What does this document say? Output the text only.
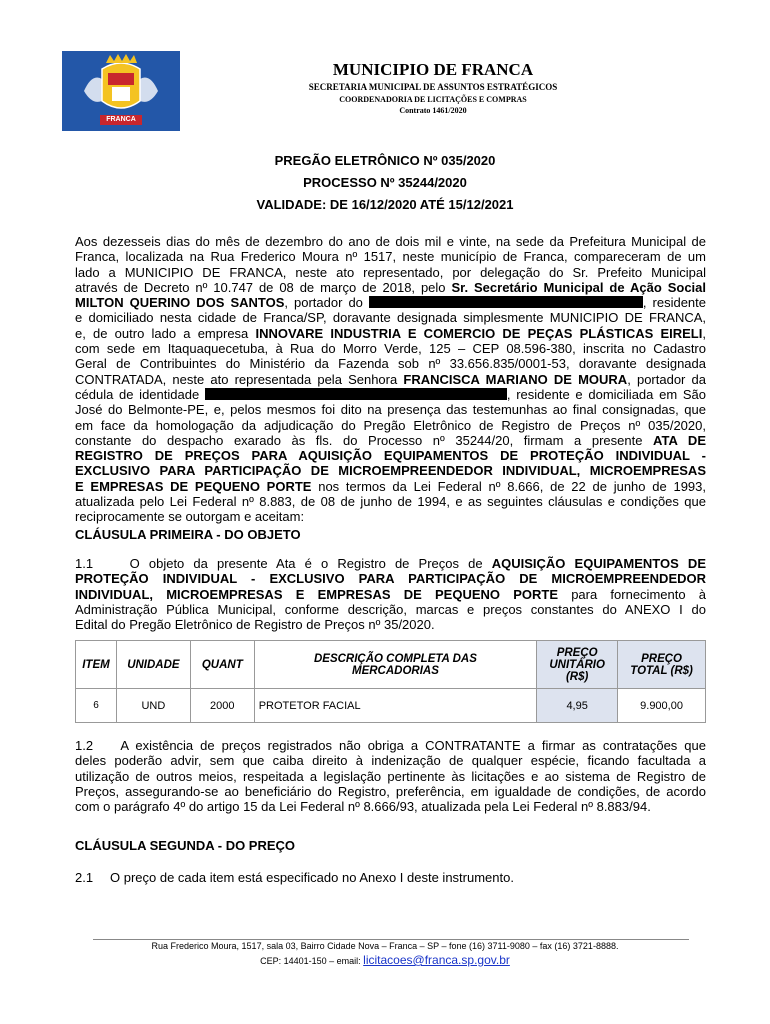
FRANCA
MUNICIPIO DE FRANCA
SECRETARIA MUNICIPAL DE ASSUNTOS ESTRATÉGICOS
COORDENADORIA DE LICITAÇÕES E COMPRAS
Contrato 1461/2020
PREGÃO ELETRÔNICO Nº 035/2020
PROCESSO Nº 35244/2020
VALIDADE: DE 16/12/2020 ATÉ 15/12/2021
Aos dezesseis dias do mês de dezembro do ano de dois mil e vinte, na sede da Prefeitura Municipal de
Franca, localizada na Rua Frederico Moura nº 1517, neste município de Franca, compareceram de um
lado a MUNICIPIO DE FRANCA, neste ato representado, por delegação do Sr. Prefeito Municipal
através de Decreto nº 10.747 de 08 de março de 2018, pelo Sr. Secretário Municipal de Ação Social
MILTON QUERINO DOS SANTOS, portador do	, residente
e domiciliado nesta cidade de Franca/SP, doravante designada simplesmente MUNICIPIO DE FRANCA,
e, de outro lado a empresa INNOVARE INDUSTRIA E COMERCIO DE PEÇAS PLÁSTICAS EIRELI,
com sede em Itaquaquecetuba, à Rua do Morro Verde, 125 – CEP 08.596-380, inscrita no Cadastro
Geral de Contribuintes do Ministério da Fazenda sob nº 33.656.835/0001-53, doravante designada
CONTRATADA, neste ato representada pela Senhora FRANCISCA MARIANO DE MOURA, portador da
cédula de identidade	, residente e domiciliada em São
José do Belmonte-PE, e, pelos mesmos foi dito na presença das testemunhas ao final consignadas, que
em face da homologação da adjudicação do Pregão Eletrônico de Registro de Preços nº 035/2020,
constante do despacho exarado às fls. do Processo nº 35244/20, firmam a presente ATA DE
REGISTRO DE PREÇOS PARA AQUISIÇÃO EQUIPAMENTOS DE PROTEÇÃO INDIVIDUAL -
EXCLUSIVO PARA PARTICIPAÇÃO DE MICROEMPREENDEDOR INDIVIDUAL, MICROEMPRESAS
E EMPRESAS DE PEQUENO PORTE nos termos da Lei Federal nº 8.666, de 22 de junho de 1993,
atualizada pelo Lei Federal nº 8.883, de 08 de junho de 1994, e as seguintes cláusulas e condições que
reciprocamente se outorgam e aceitam:
CLÁUSULA PRIMEIRA - DO OBJETO
1.1    O objeto da presente Ata é o Registro de Preços de AQUISIÇÃO EQUIPAMENTOS DE
PROTEÇÃO INDIVIDUAL - EXCLUSIVO PARA PARTICIPAÇÃO DE MICROEMPREENDEDOR
INDIVIDUAL, MICROEMPRESAS E EMPRESAS DE PEQUENO PORTE para fornecimento à
Administração Pública Municipal, conforme descrição, marcas e preços constantes do ANEXO I do
Edital do Pregão Eletrônico de Registro de Preços nº 35/2020.
ITEM	UNIDADE	QUANT	DESCRIÇÃO COMPLETA DAS MERCADORIAS	PREÇO UNITÁRIO (R$)	PREÇO TOTAL (R$)
6	UND	2000	PROTETOR FACIAL	4,95	9.900,00
1.2    A existência de preços registrados não obriga a CONTRATANTE a firmar as contratações que
deles poderão advir, sem que caiba direito à indenização de qualquer espécie, ficando facultada a
utilização de outros meios, respeitada a legislação pertinente às licitações e ao sistema de Registro de
Preços, assegurando-se ao beneficiário do Registro, preferência, em igualdade de condições, de acordo
com o parágrafo 4º do artigo 15 da Lei Federal nº 8.666/93, atualizada pela Lei Federal nº 8.883/94.
CLÁUSULA SEGUNDA - DO PREÇO
2.1 O preço de cada item está especificado no Anexo I deste instrumento.
Rua Frederico Moura, 1517, sala 03, Bairro Cidade Nova – Franca – SP – fone (16) 3711-9080 – fax (16) 3721-8888.
CEP: 14401-150 – email: licitacoes@franca.sp.gov.br
